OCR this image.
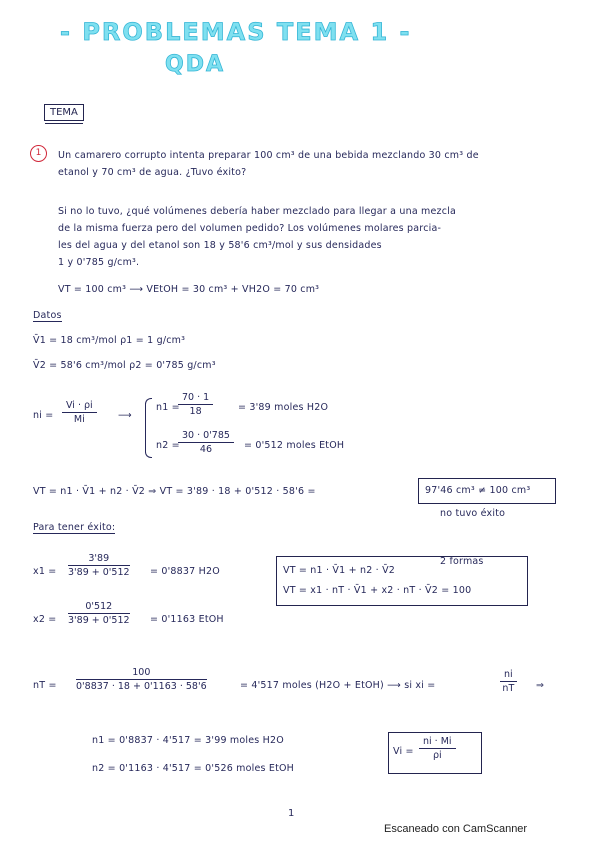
- PROBLEMAS TEMA 1 -
QDA
TEMA
1	Un camarero corrupto intenta preparar 100 cm³ de una bebida mezclando 30 cm³ de
etanol y 70 cm³ de agua. ¿Tuvo éxito?
Si no lo tuvo, ¿qué volúmenes debería haber mezclado para llegar a una mezcla
de la misma fuerza pero del volumen pedido? Los volúmenes molares parcia-
les del agua y del etanol son 18 y 58'6 cm³/mol y sus densidades
1 y 0'785 g/cm³.
VT = 100 cm³ ⟶ VEtOH = 30 cm³ + VH2O = 70 cm³
Datos
V̄1 = 18 cm³/mol ρ1 = 1 g/cm³
V̄2 = 58'6 cm³/mol ρ2 = 0'785 g/cm³
ni = $\frac{Vi \cdot \rho i}{Mi}$ ⟶
n1 =
$\frac{70 \cdot 1}{18}$	= 3'89 moles H2O
n2 =
$\frac{30 \cdot 0'785}{46} = 0'512$ moles EtOH
VT = n1 · V̄1 + n2 · V̄2 ⇒ VT = 3'89 · 18 + 0'512 · 58'6 =	97'46 cm³ ≠ 100 cm³
no tuvo éxito
Para tener éxito:
$x1 = \frac{3'89}{3'89 + 0'512} = 0'8837$ H2O
$x2 = \frac{0'512}{3'89 + 0'512} = 0'1163$ EtOH
VT = n1 · V̄1 + n2 · V̄2
VT = x1 · nT · V̄1 + x2 · nT · V̄2 = 100
2 formas
nT = $\frac{100}{0'8837 \cdot 18 + 0'1163 \cdot 58'6}$	= 4'517 moles (H2O + EtOH) ⟶ si xi =	$\frac{ni}{nT}$ ⇒
n1 = 0'8837 · 4'517 = 3'99 moles H2O
n2 = 0'1163 · 4'517 = 0'526 moles EtOH
$Vi = \frac{ni \cdot Mi}{\rho i}$
1
Escaneado con CamScanner
